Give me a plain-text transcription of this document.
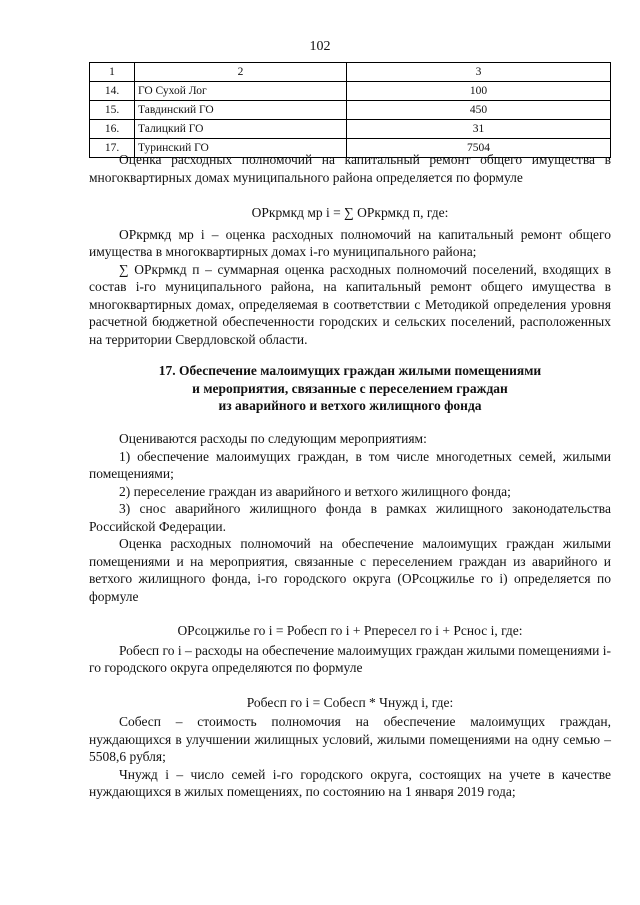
102
1	2	3
14.	ГО Сухой Лог	100
15.	Тавдинский ГО	450
16.	Талицкий ГО	31
17.	Туринский ГО	7504

Оценка расходных полномочий на капитальный ремонт общего имущества в многоквартирных домах муниципального района определяется по формуле

ОРкрмкд мр i = ∑ ОРкрмкд п, где:

ОРкрмкд мр i – оценка расходных полномочий на капитальный ремонт общего имущества в многоквартирных домах i-го муниципального района;

∑ ОРкрмкд п – суммарная оценка расходных полномочий поселений, входящих в состав i-го муниципального района, на капитальный ремонт общего имущества в многоквартирных домах, определяемая в соответствии с Методикой определения уровня расчетной бюджетной обеспеченности городских и сельских поселений, расположенных на территории Свердловской области.

17. Обеспечение малоимущих граждан жилыми помещениями

и мероприятия, связанные с переселением граждан

из аварийного и ветхого жилищного фонда

Оцениваются расходы по следующим мероприятиям:

1) обеспечение малоимущих граждан, в том числе многодетных семей, жилыми помещениями;

2) переселение граждан из аварийного и ветхого жилищного фонда;

3) снос аварийного жилищного фонда в рамках жилищного законодательства Российской Федерации.

Оценка расходных полномочий на обеспечение малоимущих граждан жилыми помещениями и на мероприятия, связанные с переселением граждан из аварийного и ветхого жилищного фонда, i-го городского округа (ОРсоцжилье го i) определяется по формуле

ОРсоцжилье го i = Робесп го i + Рпересел го i + Рснос i, где:

Робесп го i – расходы на обеспечение малоимущих граждан жилыми помещениями i-го городского округа определяются по формуле

Робесп го i = Собесп * Чнужд i, где:

Собесп – стоимость полномочия на обеспечение малоимущих граждан, нуждающихся в улучшении жилищных условий, жилыми помещениями на одну семью – 5508,6 рубля;

Чнужд i – число семей i-го городского округа, состоящих на учете в качестве нуждающихся в жилых помещениях, по состоянию на 1 января 2019 года;
